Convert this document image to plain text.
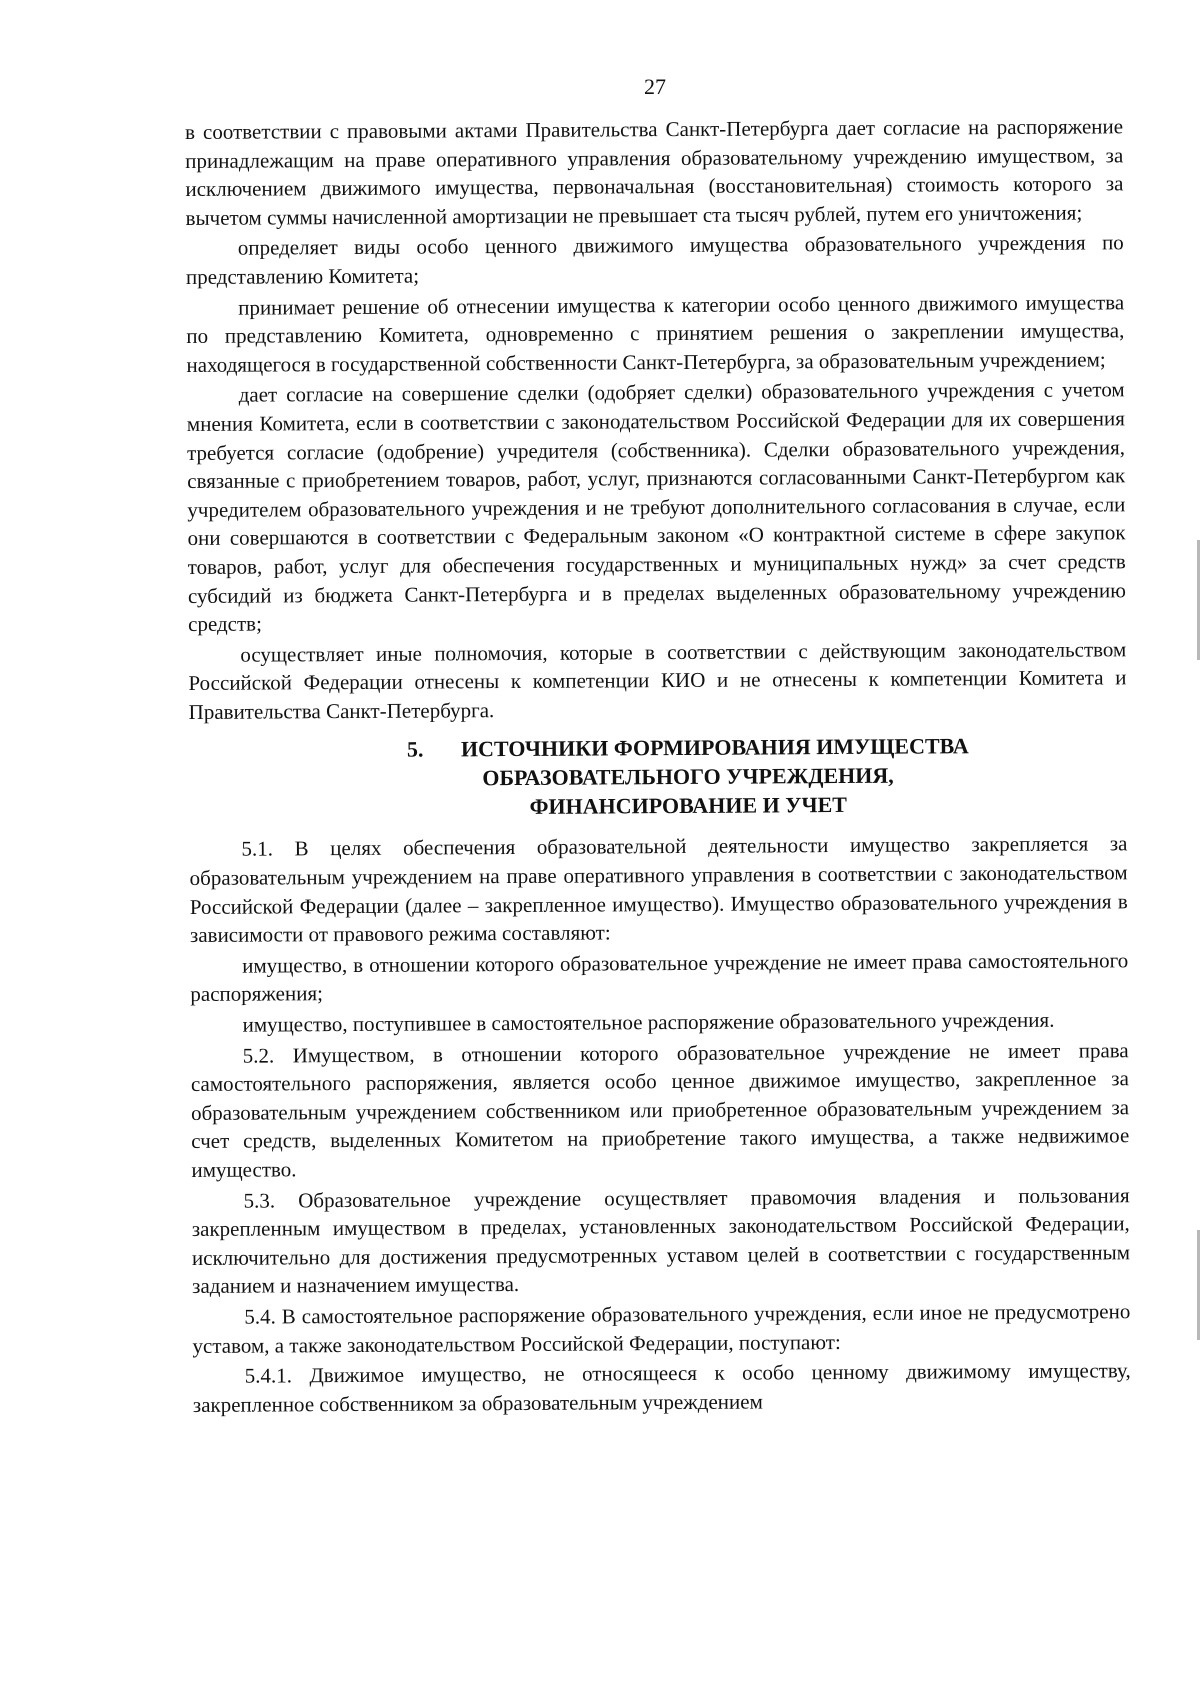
27

в соответствии с правовыми актами Правительства Санкт-Петербурга дает согласие на распоряжение принадлежащим на праве оперативного управления образовательному учреждению имуществом, за исключением движимого имущества, первоначальная (восстановительная) стоимость которого за вычетом суммы начисленной амортизации не превышает ста тысяч рублей, путем его уничтожения;

определяет виды особо ценного движимого имущества образовательного учреждения по представлению Комитета;

принимает решение об отнесении имущества к категории особо ценного движимого имущества по представлению Комитета, одновременно с принятием решения о закреплении имущества, находящегося в государственной собственности Санкт-Петербурга, за образовательным учреждением;

дает согласие на совершение сделки (одобряет сделки) образовательного учреждения с учетом мнения Комитета, если в соответствии с законодательством Российской Федерации для их совершения требуется согласие (одобрение) учредителя (собственника). Сделки образовательного учреждения, связанные с приобретением товаров, работ, услуг, признаются согласованными Санкт-Петербургом как учредителем образовательного учреждения и не требуют дополнительного согласования в случае, если они совершаются в соответствии с Федеральным законом «О контрактной системе в сфере закупок товаров, работ, услуг для обеспечения государственных и муниципальных нужд» за счет средств субсидий из бюджета Санкт-Петербурга и в пределах выделенных образовательному учреждению средств;

осуществляет иные полномочия, которые в соответствии с действующим законодательством Российской Федерации отнесены к компетенции КИО и не отнесены к компетенции Комитета и Правительства Санкт-Петербурга.

5. ИСТОЧНИКИ ФОРМИРОВАНИЯ ИМУЩЕСТВА
ОБРАЗОВАТЕЛЬНОГО УЧРЕЖДЕНИЯ,
ФИНАНСИРОВАНИЕ И УЧЕТ

5.1. В целях обеспечения образовательной деятельности имущество закрепляется за образовательным учреждением на праве оперативного управления в соответствии с законодательством Российской Федерации (далее – закрепленное имущество). Имущество образовательного учреждения в зависимости от правового режима составляют:

имущество, в отношении которого образовательное учреждение не имеет права самостоятельного распоряжения;

имущество, поступившее в самостоятельное распоряжение образовательного учреждения.

5.2. Имуществом, в отношении которого образовательное учреждение не имеет права самостоятельного распоряжения, является особо ценное движимое имущество, закрепленное за образовательным учреждением собственником или приобретенное образовательным учреждением за счет средств, выделенных Комитетом на приобретение такого имущества, а также недвижимое имущество.

5.3. Образовательное учреждение осуществляет правомочия владения и пользования закрепленным имуществом в пределах, установленных законодательством Российской Федерации, исключительно для достижения предусмотренных уставом целей в соответствии с государственным заданием и назначением имущества.

5.4. В самостоятельное распоряжение образовательного учреждения, если иное не предусмотрено уставом, а также законодательством Российской Федерации, поступают:

5.4.1. Движимое имущество, не относящееся к особо ценному движимому имуществу, закрепленное собственником за образовательным учреждением
